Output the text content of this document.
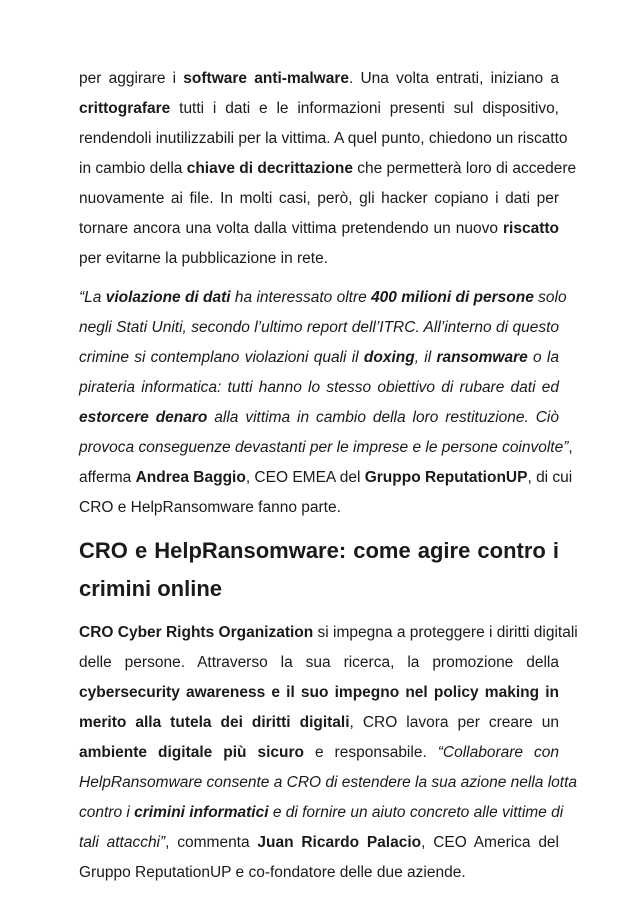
per aggirare i software anti-malware. Una volta entrati, iniziano a
crittografare tutti i dati e le informazioni presenti sul dispositivo,
rendendoli inutilizzabili per la vittima. A quel punto, chiedono un riscatto
in cambio della chiave di decrittazione che permetterà loro di accedere
nuovamente ai file. In molti casi, però, gli hacker copiano i dati per
tornare ancora una volta dalla vittima pretendendo un nuovo riscatto
per evitarne la pubblicazione in rete.
“La violazione di dati ha interessato oltre 400 milioni di persone solo
negli Stati Uniti, secondo l’ultimo report dell’ITRC. All’interno di questo
crimine si contemplano violazioni quali il doxing, il ransomware o la
pirateria informatica: tutti hanno lo stesso obiettivo di rubare dati ed
estorcere denaro alla vittima in cambio della loro restituzione. Ciò
provoca conseguenze devastanti per le imprese e le persone coinvolte”,
afferma Andrea Baggio, CEO EMEA del Gruppo ReputationUP, di cui
CRO e HelpRansomware fanno parte.
CRO e HelpRansomware: come agire contro i
crimini online
CRO Cyber Rights Organization si impegna a proteggere i diritti digitali
delle persone. Attraverso la sua ricerca, la promozione della
cybersecurity awareness e il suo impegno nel policy making in
merito alla tutela dei diritti digitali, CRO lavora per creare un
ambiente digitale più sicuro e responsabile. “Collaborare con
HelpRansomware consente a CRO di estendere la sua azione nella lotta
contro i crimini informatici e di fornire un aiuto concreto alle vittime di
tali attacchi”, commenta Juan Ricardo Palacio, CEO America del
Gruppo ReputationUP e co-fondatore delle due aziende.
